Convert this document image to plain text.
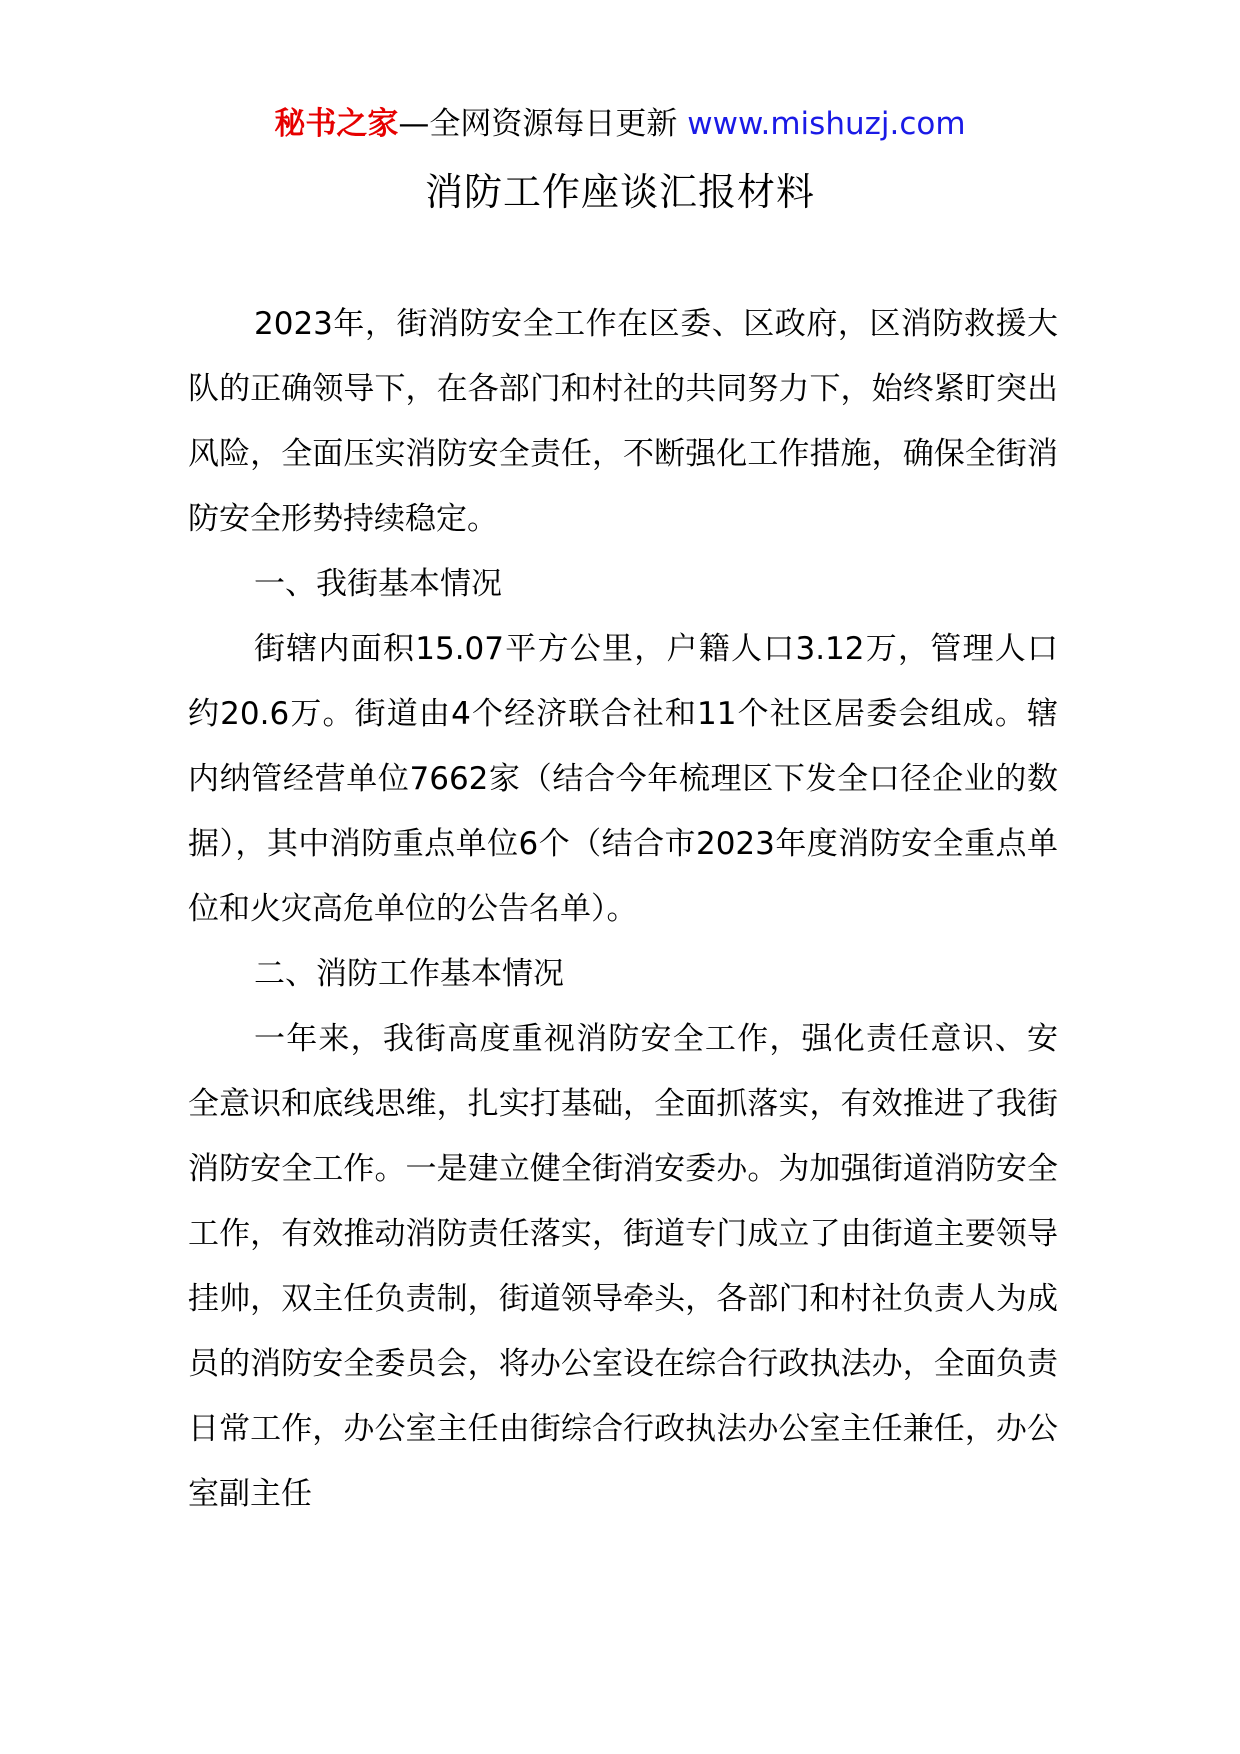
秘书之家—全网资源每日更新 www.mishuzj.com
消防工作座谈汇报材料

2023年，街消防安全工作在区委、区政府，区消防救援大队的正确领导下，在各部门和村社的共同努力下，始终紧盯突出风险，全面压实消防安全责任，不断强化工作措施，确保全街消防安全形势持续稳定。

一、我街基本情况

街辖内面积15.07平方公里，户籍人口3.12万，管理人口约20.6万。街道由4个经济联合社和11个社区居委会组成。辖内纳管经营单位7662家（结合今年梳理区下发全口径企业的数据），其中消防重点单位6个（结合市2023年度消防安全重点单位和火灾高危单位的公告名单）。

二、消防工作基本情况

一年来，我街高度重视消防安全工作，强化责任意识、安全意识和底线思维，扎实打基础，全面抓落实，有效推进了我街消防安全工作。一是建立健全街消安委办。为加强街道消防安全工作，有效推动消防责任落实，街道专门成立了由街道主要领导挂帅，双主任负责制，街道领导牵头，各部门和村社负责人为成员的消防安全委员会，将办公室设在综合行政执法办，全面负责日常工作，办公室主任由街综合行政执法办公室主任兼任，办公室副主任
